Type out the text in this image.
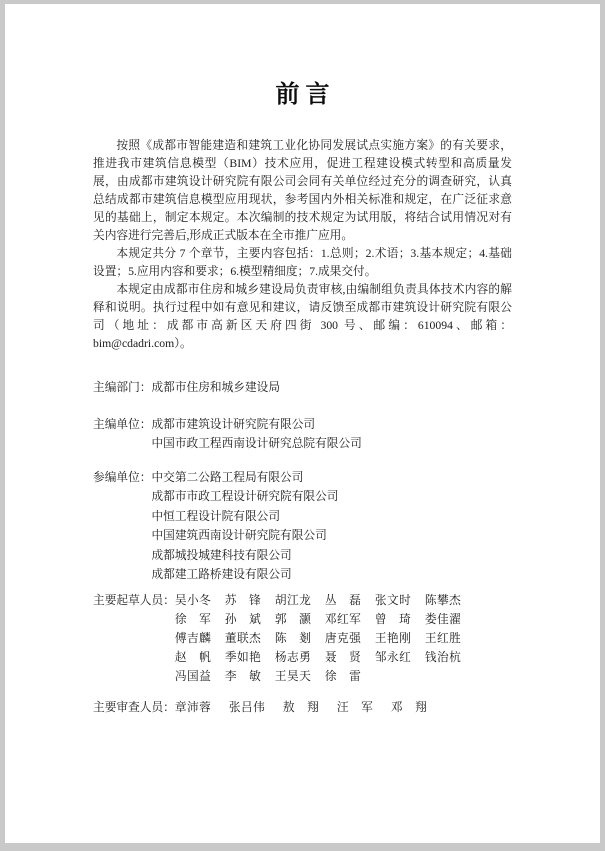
前言

按照《成都市智能建造和建筑工业化协同发展试点实施方案》的有关要求，推进我市建筑信息模型（BIM）技术应用，促进工程建设模式转型和高质量发展，由成都市建筑设计研究院有限公司会同有关单位经过充分的调查研究，认真总结成都市建筑信息模型应用现状，参考国内外相关标准和规定，在广泛征求意见的基础上，制定本规定。本次编制的技术规定为试用版，将结合试用情况对有关内容进行完善后,形成正式版本在全市推广应用。

本规定共分 7 个章节，主要内容包括：1.总则；2.术语；3.基本规定；4.基础设置；5.应用内容和要求；6.模型精细度；7.成果交付。

本规定由成都市住房和城乡建设局负责审核,由编制组负责具体技术内容的解释和说明。执行过程中如有意见和建议，请反馈至成都市建筑设计研究院有限公司（地址：成都市高新区天府四街 300 号、邮编：610094、邮箱：bim@cdadri.com）。

主编部门： 成都市住房和城乡建设局
主编单位： 成都市建筑设计研究院有限公司
中国市政工程西南设计研究总院有限公司
参编单位： 中交第二公路工程局有限公司
成都市市政工程设计研究院有限公司
中恒工程设计院有限公司
中国建筑西南设计研究院有限公司
成都城投城建科技有限公司
成都建工路桥建设有限公司
主要起草人员： 吴小冬 苏锋 胡江龙 丛磊 张文时 陈攀杰
徐军 孙斌 郭灏 邓红军 曾琦 娄佳濯
傅吉麟 董联杰 陈剗 唐克强 王艳刚 王红胜
赵帆 季如艳 杨志勇 聂贤 邹永红 钱治杭
冯国益 李敏 王昊天 徐雷
主要审查人员： 章沛蓉 张吕伟 敖翔 汪军 邓翔
